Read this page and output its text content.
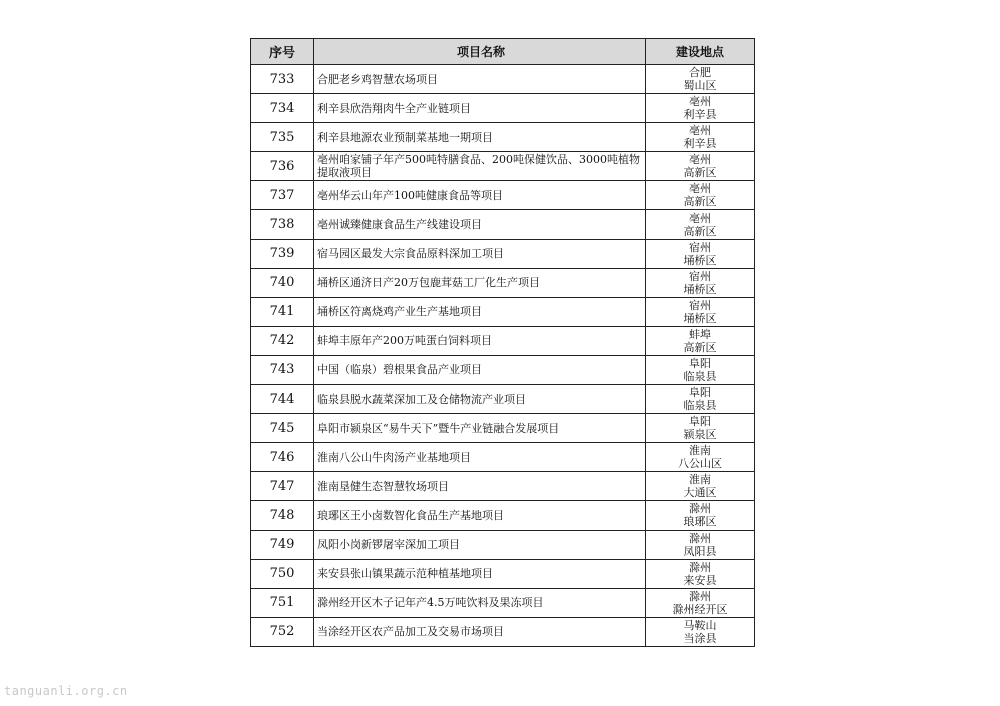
序号	项目名称	建设地点
733	合肥老乡鸡智慧农场项目	合肥
蜀山区

734	利辛县欣浩翔肉牛全产业链项目	亳州
利辛县

735	利辛县地源农业预制菜基地一期项目	亳州
利辛县

736	亳州咱家铺子年产500吨特膳食品、200吨保健饮品、3000吨植物提取液项目	亳州
高新区

737	亳州华云山年产100吨健康食品等项目	亳州
高新区

738	亳州诚臻健康食品生产线建设项目	亳州
高新区

739	宿马园区最发大宗食品原料深加工项目	宿州
埇桥区

740	埇桥区通济日产20万包鹿茸菇工厂化生产项目	宿州
埇桥区

741	埇桥区符离烧鸡产业生产基地项目	宿州
埇桥区

742	蚌埠丰原年产200万吨蛋白饲料项目	蚌埠
高新区

743	中国（临泉）碧根果食品产业项目	阜阳
临泉县

744	临泉县脱水蔬菜深加工及仓储物流产业项目	阜阳
临泉县

745	阜阳市颍泉区“易牛天下”暨牛产业链融合发展项目	阜阳
颍泉区

746	淮南八公山牛肉汤产业基地项目	淮南
八公山区

747	淮南垦健生态智慧牧场项目	淮南
大通区

748	琅琊区王小卤数智化食品生产基地项目	滁州
琅琊区

749	凤阳小岗新锣屠宰深加工项目	滁州
凤阳县

750	来安县张山镇果蔬示范种植基地项目	滁州
来安县

751	滁州经开区木子记年产4.5万吨饮料及果冻项目	滁州
滁州经开区

752	当涂经开区农产品加工及交易市场项目	马鞍山
当涂县
tanguanli.org.cn
